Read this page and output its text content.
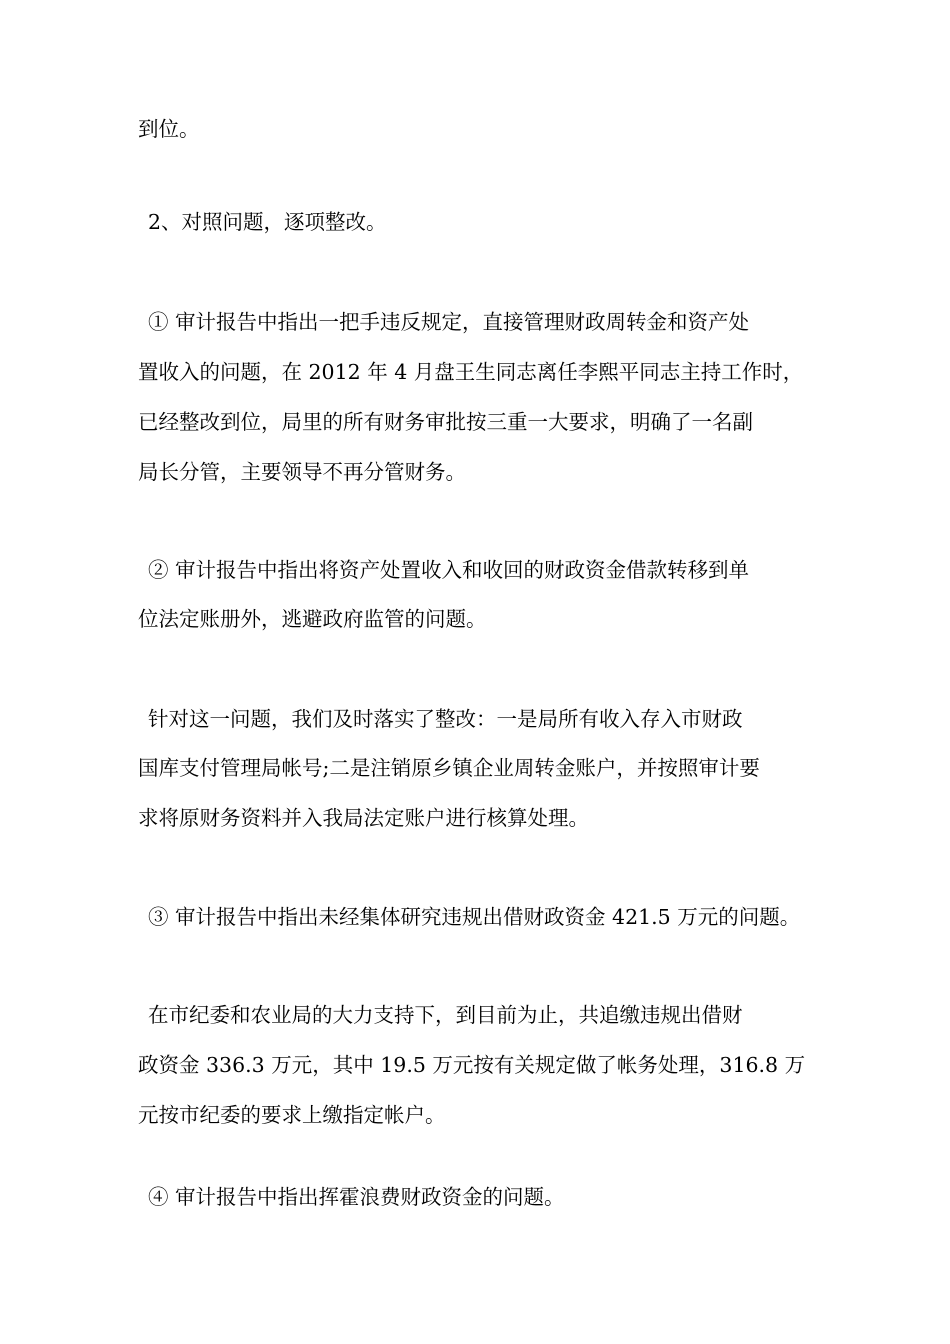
到位。
2、对照问题，逐项整改。
① 审计报告中指出一把手违反规定，直接管理财政周转金和资产处
置收入的问题，在 2012 年 4 月盘王生同志离任李熙平同志主持工作时，
已经整改到位，局里的所有财务审批按三重一大要求，明确了一名副
局长分管，主要领导不再分管财务。
② 审计报告中指出将资产处置收入和收回的财政资金借款转移到单
位法定账册外，逃避政府监管的问题。
针对这一问题，我们及时落实了整改：一是局所有收入存入市财政
国库支付管理局帐号;二是注销原乡镇企业周转金账户，并按照审计要
求将原财务资料并入我局法定账户进行核算处理。
③ 审计报告中指出未经集体研究违规出借财政资金 421.5 万元的问题。
在市纪委和农业局的大力支持下，到目前为止，共追缴违规出借财
政资金 336.3 万元，其中 19.5 万元按有关规定做了帐务处理，316.8 万
元按市纪委的要求上缴指定帐户。
④ 审计报告中指出挥霍浪费财政资金的问题。
